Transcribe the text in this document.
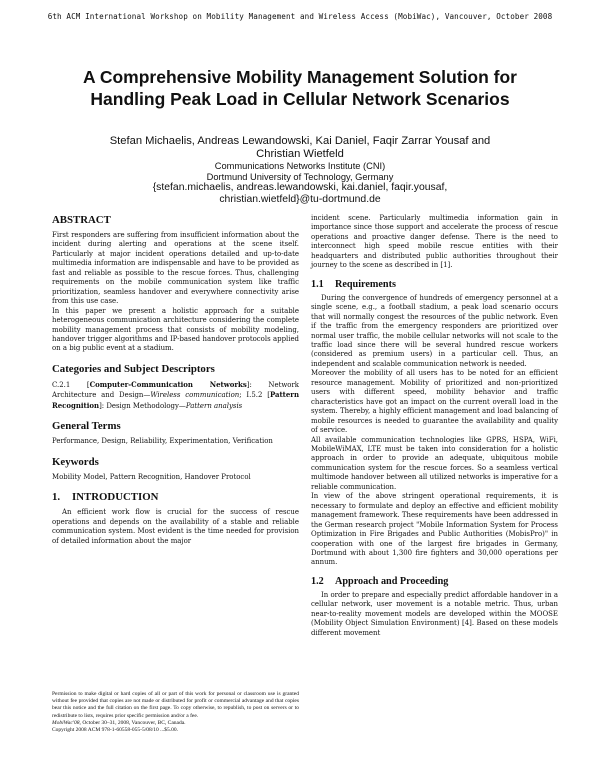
6th ACM International Workshop on Mobility Management and Wireless Access (MobiWac), Vancouver, October 2008
A Comprehensive Mobility Management Solution for
Handling Peak Load in Cellular Network Scenarios
Stefan Michaelis, Andreas Lewandowski, Kai Daniel, Faqir Zarrar Yousaf and
Christian Wietfeld
Communications Networks Institute (CNI)
Dortmund University of Technology, Germany
{stefan.michaelis, andreas.lewandowski, kai.daniel, faqir.yousaf,
christian.wietfeld}@tu-dortmund.de
ABSTRACT

First responders are suffering from insufficient information about the incident during alerting and operations at the scene itself. Particularly at major incident operations detailed and up-to-date multimedia information are indispensable and have to be provided as fast and reliable as possible to the rescue forces. Thus, challenging requirements on the mobile communication system like traffic prioritization, seamless handover and everywhere connectivity arise from this use case.

In this paper we present a holistic approach for a suitable heterogeneous communication architecture considering the complete mobility management process that consists of mobility modeling, handover trigger algorithms and IP-based handover protocols applied on a big public event at a stadium.

Categories and Subject Descriptors

C.2.1 [Computer-Communication Networks]: Network Architecture and Design—Wireless communication; I.5.2 [Pattern Recognition]: Design Methodology—Pattern analysis

General Terms

Performance, Design, Reliability, Experimentation, Verification

Keywords

Mobility Model, Pattern Recognition, Handover Protocol

1. INTRODUCTION

An efficient work flow is crucial for the success of rescue operations and depends on the availability of a stable and reliable communication system. Most evident is the time needed for provision of detailed information about the major

Permission to make digital or hard copies of all or part of this work for personal or classroom use is granted without fee provided that copies are not made or distributed for profit or commercial advantage and that copies bear this notice and the full citation on the first page. To copy otherwise, to republish, to post on servers or to redistribute to lists, requires prior specific permission and/or a fee.
MobiWac'08, October 30–31, 2008, Vancouver, BC, Canada.
Copyright 2008 ACM 978-1-60558-055-5/08/10 ...$5.00.

incident scene. Particularly multimedia information gain in importance since those support and accelerate the process of rescue operations and proactive danger defense. There is the need to interconnect high speed mobile rescue entities with their headquarters and distributed public authorities throughout their journey to the scene as described in [1].

1.1 Requirements

During the convergence of hundreds of emergency personnel at a single scene, e.g., a football stadium, a peak load scenario occurs that will normally congest the resources of the public network. Even if the traffic from the emergency responders are prioritized over normal user traffic, the mobile cellular networks will not scale to the traffic load since there will be several hundred rescue workers (considered as premium users) in a particular cell. Thus, an independent and scalable communication network is needed.

Moreover the mobility of all users has to be noted for an efficient resource management. Mobility of prioritized and non-prioritized users with different speed, mobility behavior and traffic characteristics have got an impact on the current overall load in the system. Thereby, a highly efficient management and load balancing of mobile resources is needed to guarantee the availability and quality of service.

All available communication technologies like GPRS, HSPA, WiFi, MobileWiMAX, LTE must be taken into consideration for a holistic approach in order to provide an adequate, ubiquitous mobile communication system for the rescue forces. So a seamless vertical multimode handover between all utilized networks is imperative for a reliable communication.

In view of the above stringent operational requirements, it is necessary to formulate and deploy an effective and efficient mobility management framework. These requirements have been addressed in the German research project "Mobile Information System for Process Optimization in Fire Brigades and Public Authorities (MobisPro)" in cooperation with one of the largest fire brigades in Germany, Dortmund with about 1,300 fire fighters and 30,000 operations per annum.

1.2 Approach and Proceeding

In order to prepare and especially predict affordable handover in a cellular network, user movement is a notable metric. Thus, urban near-to-reality movement models are developed within the MOOSE (Mobility Object Simulation Environment) [4]. Based on these models different movement
